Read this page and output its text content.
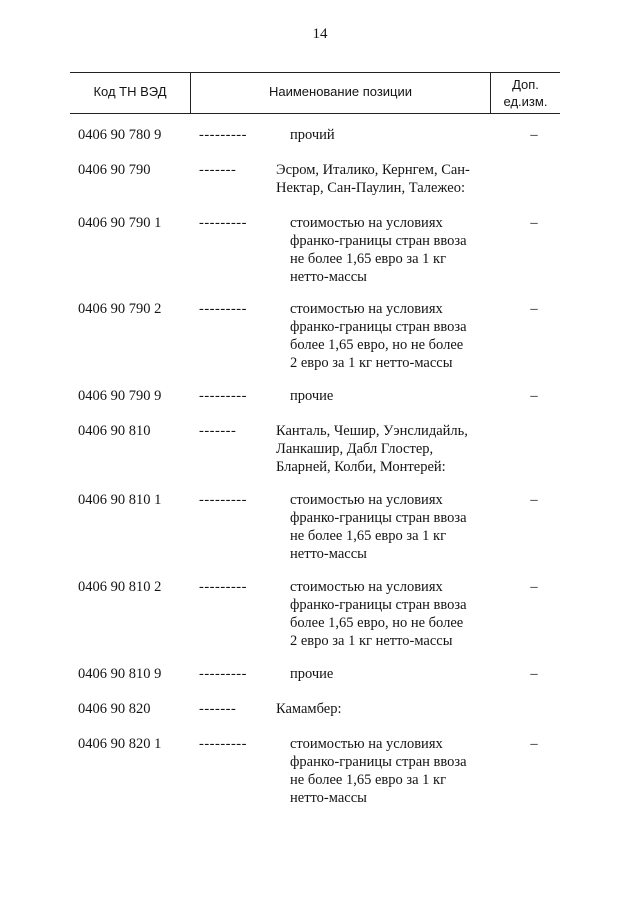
14
Код ТН ВЭД	Наименование позиции	Доп. ед.изм.
0406 90 780 9	---------	прочий	–
0406 90 790	-------	Эсром, Италико, Кернгем, Сан-
Нектар, Сан-Паулин, Талежео:
0406 90 790 1	---------	стоимостью на условиях
франко-границы стран ввоза
не более 1,65 евро за 1 кг
нетто-массы
–
0406 90 790 2	---------	стоимостью на условиях
франко-границы стран ввоза
более 1,65 евро, но не более
2 евро за 1 кг нетто-массы
–
0406 90 790 9	---------	прочие	–
0406 90 810	-------	Канталь, Чешир, Уэнслидайль,
Ланкашир, Дабл Глостер,
Бларней, Колби, Монтерей:
0406 90 810 1	---------	стоимостью на условиях
франко-границы стран ввоза
не более 1,65 евро за 1 кг
нетто-массы
–
0406 90 810 2	---------	стоимостью на условиях
франко-границы стран ввоза
более 1,65 евро, но не более
2 евро за 1 кг нетто-массы
–
0406 90 810 9	---------	прочие	–
0406 90 820	-------	Камамбер:
0406 90 820 1	---------	стоимостью на условиях
франко-границы стран ввоза
не более 1,65 евро за 1 кг
нетто-массы
–
